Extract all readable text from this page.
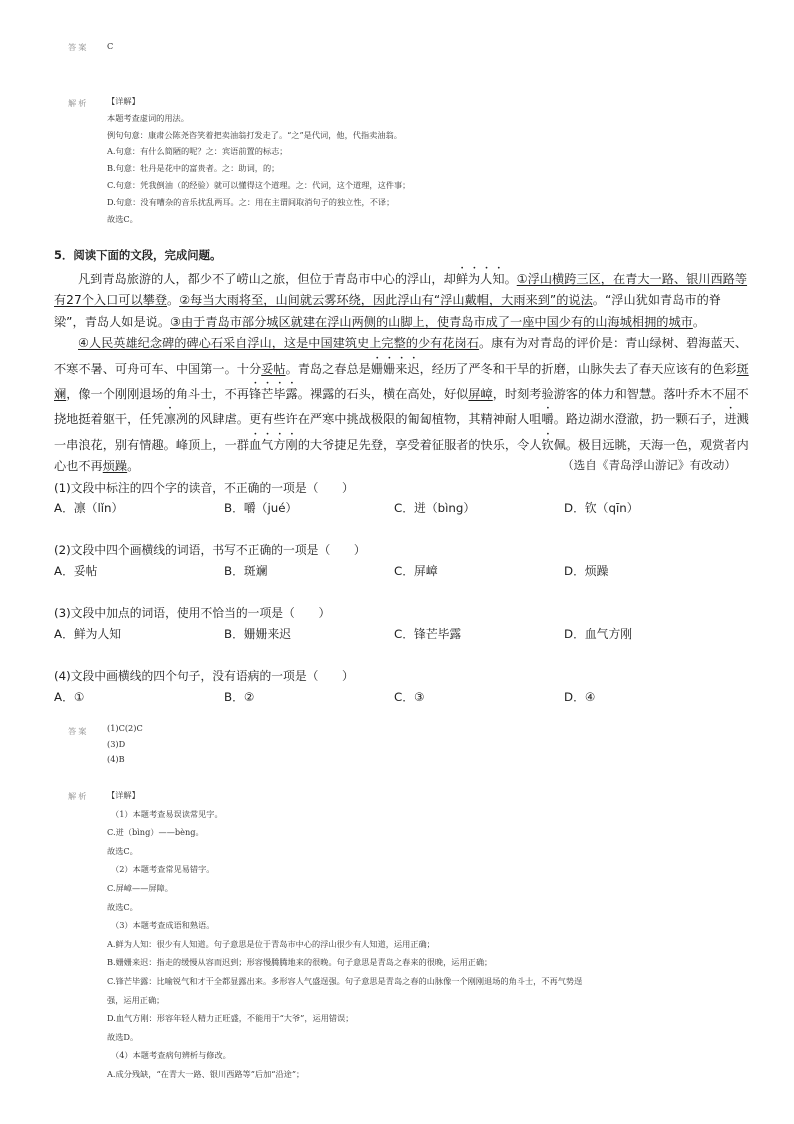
答案 C
解析 【详解】
本题考查虚词的用法。
例句句意：康肃公陈尧咨笑着把卖油翁打发走了。“之”是代词，他，代指卖油翁。
A.句意：有什么简陋的呢？之：宾语前置的标志；
B.句意：牡丹是花中的富贵者。之：助词，的；
C.句意：凭我倒油（的经验）就可以懂得这个道理。之：代词，这个道理，这件事；
D.句意：没有嘈杂的音乐扰乱两耳。之：用在主谓间取消句子的独立性，不译；
故选C。
5．阅读下面的文段，完成问题。
凡到青岛旅游的人，都少不了崂山之旅，但位于青岛市中心的浮山，却鲜为人知。①浮山横跨三区，在青大一路、银川西路等
有27个入口可以攀登。②每当大雨将至，山间就云雾环绕，因此浮山有“浮山戴帽，大雨来到”的说法。“浮山犹如青岛市的脊
梁”，青岛人如是说。③由于青岛市部分城区就建在浮山两侧的山脚上，使青岛市成了一座中国少有的山海城相拥的城市。
④人民英雄纪念碑的碑心石采自浮山，这是中国建筑史上完整的少有花岗石。康有为对青岛的评价是：青山绿树、碧海蓝天、
不寒不暑、可舟可车、中国第一。十分妥帖。青岛之春总是姗姗来迟，经历了严冬和干旱的折磨，山脉失去了春天应该有的色彩斑
斓，像一个刚刚退场的角斗士，不再锋芒毕露。裸露的石头，横在高处，好似屏嶂，时刻考验游客的体力和智慧。落叶乔木不屈不
挠地挺着躯干，任凭凛冽的风肆虐。更有些许在严寒中挑战极限的匍匐植物，其精神耐人咀嚼。路边湖水澄澈，扔一颗石子，迸溅
一串浪花，别有情趣。峰顶上，一群血气方刚的大爷捷足先登，享受着征服者的快乐，令人钦佩。极目远眺，天海一色，观赏者内
心也不再烦躁。	（选自《青岛浮山游记》有改动）
(1)文段中标注的四个字的读音，不正确的一项是（　　）
A．凛（lǐn）	B．嚼（jué）	C．迸（bìng）	D．钦（qīn）
(2)文段中四个画横线的词语，书写不正确的一项是（　　）
A．妥帖	B．斑斓	C．屏嶂	D．烦躁
(3)文段中加点的词语，使用不恰当的一项是（　　）
A．鲜为人知	B．姗姗来迟	C．锋芒毕露	D．血气方刚
(4)文段中画横线的四个句子，没有语病的一项是（　　）
A．①	B．②	C．③	D．④
答案 (1)C(2)C
(3)D
(4)B
解析 【详解】
（1）本题考查易误读常见字。
C.迸（bìng）——bèng。
故选C。
（2）本题考查常见易错字。
C.屏嶂——屏障。
故选C。
（3）本题考查成语和熟语。
A.鲜为人知：很少有人知道。句子意思是位于青岛市中心的浮山很少有人知道，运用正确；
B.姗姗来迟：指走的缓慢从容而迟到；形容慢腾腾地来的很晚。句子意思是青岛之春来的很晚，运用正确；
C.锋芒毕露：比喻锐气和才干全都显露出来。多形容人气盛逞强。句子意思是青岛之春的山脉像一个刚刚退场的角斗士，不再气势逞
强，运用正确；
D.血气方刚：形容年轻人精力正旺盛，不能用于“大爷”，运用错误；
故选D。
（4）本题考查病句辨析与修改。
A.成分残缺，“在青大一路、银川西路等”后加“沿途”；
